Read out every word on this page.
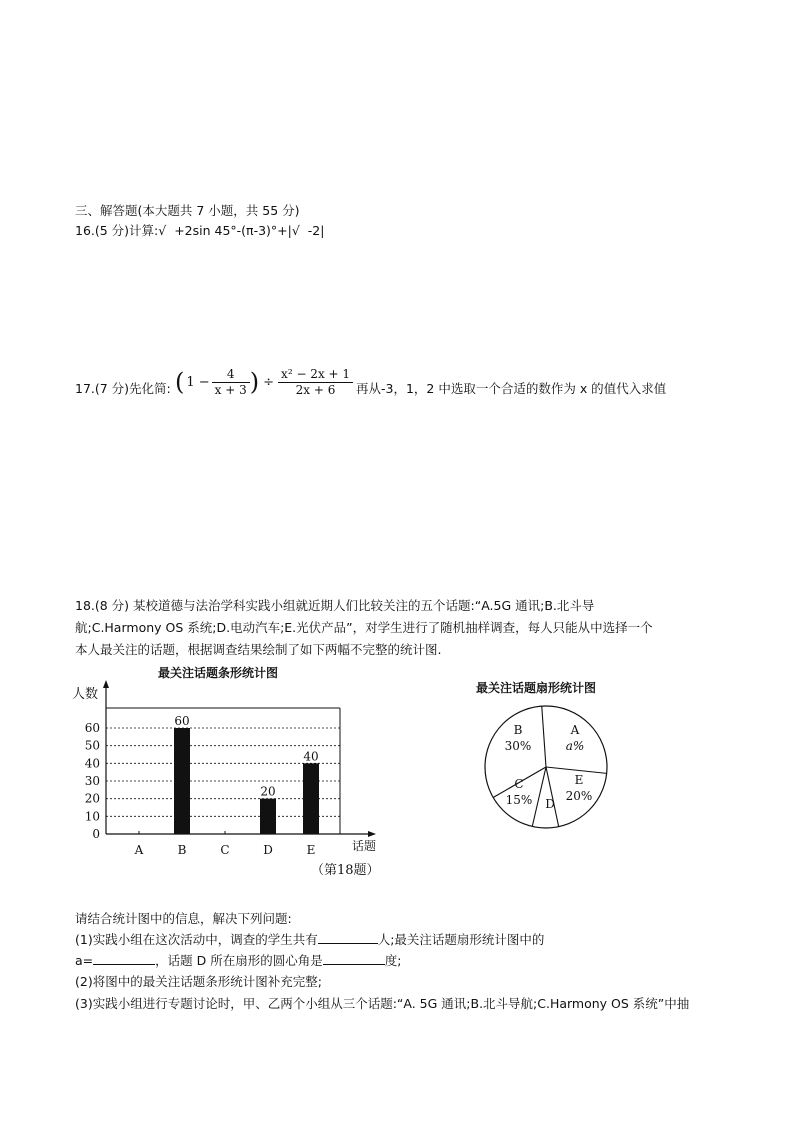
三、解答题(本大题共 7 小题，共 55 分)
16.(5 分)计算:√ +2sin 45°-(π-3)°+|√ -2|
17.(7 分)先化简: ( $1 - \frac{4}{x + 3}$ ) ÷ $\frac{\text{x² − 2x + 1}}{2x + 6}$ 再从-3，1，2 中选取一个合适的数作为 x 的值代入求值
18.(8 分) 某校道德与法治学科实践小组就近期人们比较关注的五个话题:“A.5G 通讯;B.北斗导
航;C.Harmony OS 系统;D.电动汽车;E.光伏产品”，对学生进行了随机抽样调查，每人只能从中选择一个
本人最关注的话题，根据调查结果绘制了如下两幅不完整的统计图.
最关注话题条形统计图
人数
0
10
20
30
40
50
60
A	B
60
C	D
20
E
40
话题
最关注话题扇形统计图
A
a%
E
20%
D
C
15%
B
30%
（第18题）
请结合统计图中的信息，解决下列问题:
(1)实践小组在这次活动中，调查的学生共有	人;最关注话题扇形统计图中的
a=	，话题 D 所在扇形的圆心角是	度;
(2)将图中的最关注话题条形统计图补充完整;
(3)实践小组进行专题讨论时，甲、乙两个小组从三个话题:“A. 5G 通讯;B.北斗导航;C.Harmony OS 系统”中抽
